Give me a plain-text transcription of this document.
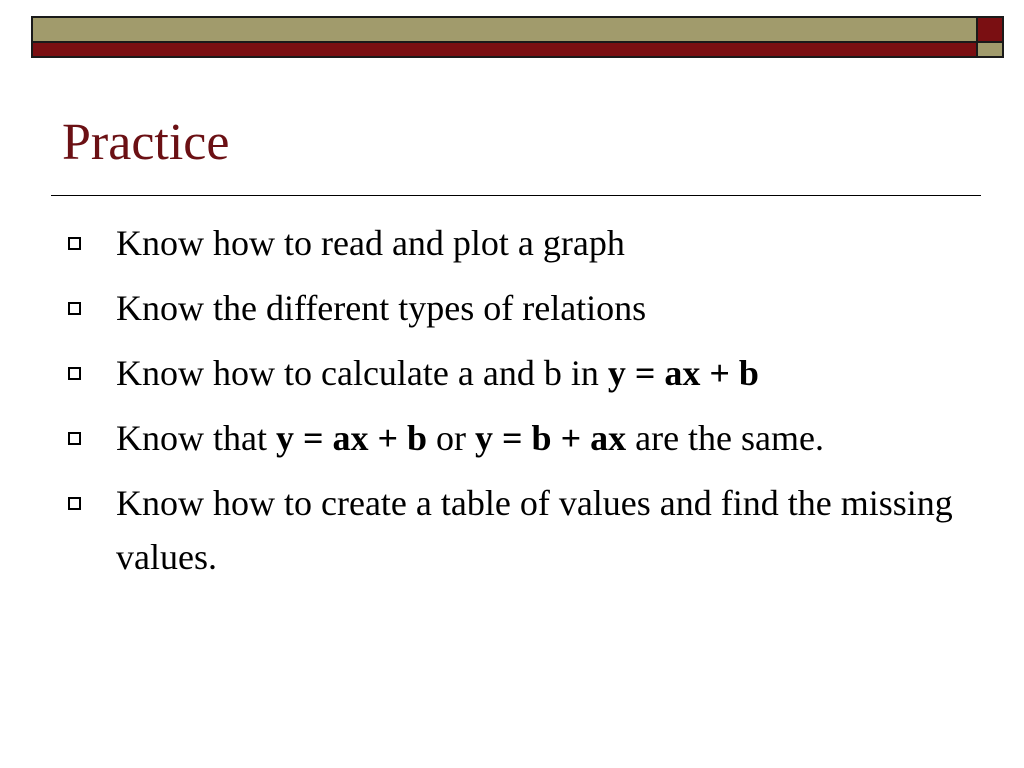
Practice
Know how to read and plot a graph
Know the different types of relations
Know how to calculate a and b in y = ax + b
Know that y = ax + b or y = b + ax are the same.
Know how to create a table of values and find the missing values.
